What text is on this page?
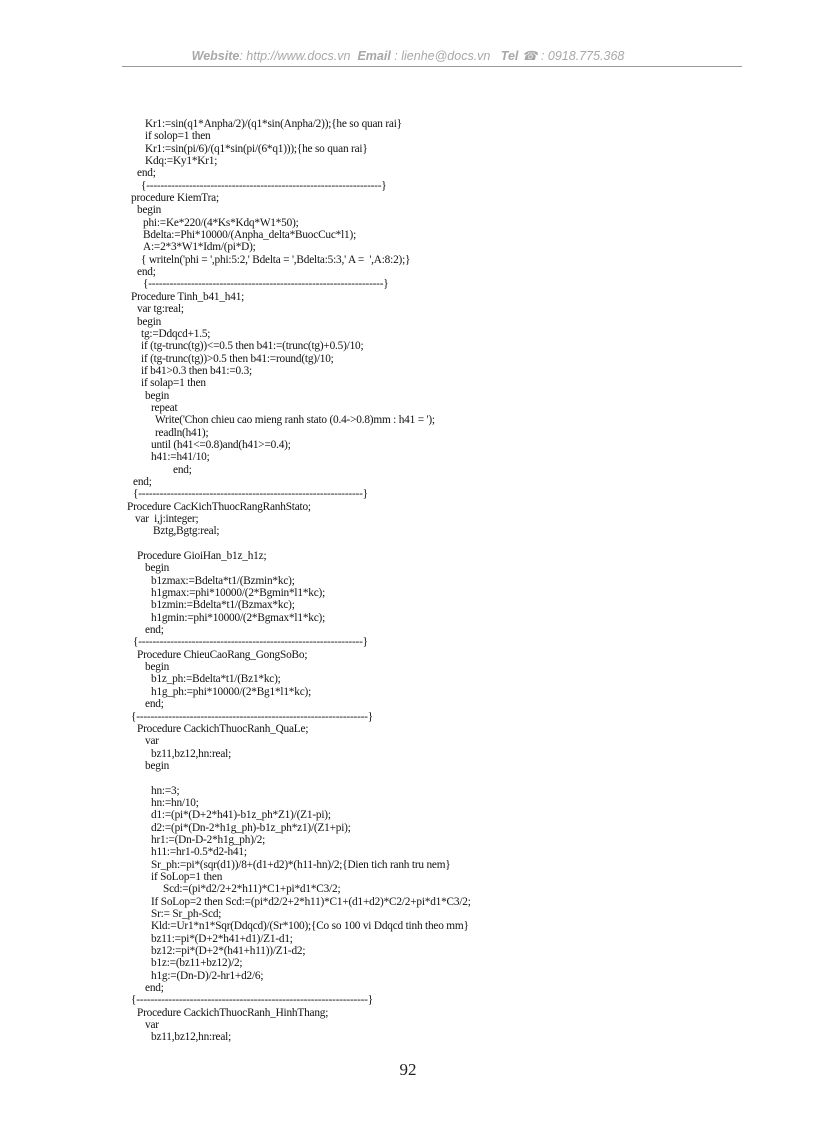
Website: http://www.docs.vn Email : lienhe@docs.vn Tel ☎ : 0918.775.368
Kr1:=sin(q1*Anpha/2)/(q1*sin(Anpha/2));{he so quan rai}
if solop=1 then
Kr1:=sin(pi/6)/(q1*sin(pi/(6*q1)));{he so quan rai}
Kdq:=Ky1*Kr1;
end;
{------------------------------------------------------------------}
procedure KiemTra;
begin
phi:=Ke*220/(4*Ks*Kdq*W1*50);
Bdelta:=Phi*10000/(Anpha_delta*BuocCuc*l1);
A:=2*3*W1*Idm/(pi*D);
{ writeln('phi = ',phi:5:2,' Bdelta = ',Bdelta:5:3,' A =  ',A:8:2);}
end;
{------------------------------------------------------------------}
Procedure Tinh_b41_h41;
var tg:real;
begin
tg:=Ddqcd+1.5;
if (tg-trunc(tg))<=0.5 then b41:=(trunc(tg)+0.5)/10;
if (tg-trunc(tg))>0.5 then b41:=round(tg)/10;
if b41>0.3 then b41:=0.3;
if solap=1 then
begin
repeat
Write('Chon chieu cao mieng ranh stato (0.4->0.8)mm : h41 = ');
readln(h41);
until (h41<=0.8)and(h41>=0.4);
h41:=h41/10;
end;
end;
{---------------------------------------------------------------}
Procedure CacKichThuocRangRanhStato;
var  i,j:integer;
Bztg,Bgtg:real;
Procedure GioiHan_b1z_h1z;
begin
b1zmax:=Bdelta*t1/(Bzmin*kc);
h1gmax:=phi*10000/(2*Bgmin*l1*kc);
b1zmin:=Bdelta*t1/(Bzmax*kc);
h1gmin:=phi*10000/(2*Bgmax*l1*kc);
end;
{---------------------------------------------------------------}
Procedure ChieuCaoRang_GongSoBo;
begin
b1z_ph:=Bdelta*t1/(Bz1*kc);
h1g_ph:=phi*10000/(2*Bg1*l1*kc);
end;
{-----------------------------------------------------------------}
Procedure CackichThuocRanh_QuaLe;
var
bz11,bz12,hn:real;
begin
hn:=3;
hn:=hn/10;
d1:=(pi*(D+2*h41)-b1z_ph*Z1)/(Z1-pi);
d2:=(pi*(Dn-2*h1g_ph)-b1z_ph*z1)/(Z1+pi);
hr1:=(Dn-D-2*h1g_ph)/2;
h11:=hr1-0.5*d2-h41;
Sr_ph:=pi*(sqr(d1))/8+(d1+d2)*(h11-hn)/2;{Dien tich ranh tru nem}
if SoLop=1 then
Scd:=(pi*d2/2+2*h11)*C1+pi*d1*C3/2;
If SoLop=2 then Scd:=(pi*d2/2+2*h11)*C1+(d1+d2)*C2/2+pi*d1*C3/2;
Sr:= Sr_ph-Scd;
Kld:=Ur1*n1*Sqr(Ddqcd)/(Sr*100);{Co so 100 vi Ddqcd tinh theo mm}
bz11:=pi*(D+2*h41+d1)/Z1-d1;
bz12:=pi*(D+2*(h41+h11))/Z1-d2;
b1z:=(bz11+bz12)/2;
h1g:=(Dn-D)/2-hr1+d2/6;
end;
{-----------------------------------------------------------------}
Procedure CackichThuocRanh_HinhThang;
var
bz11,bz12,hn:real;
92
